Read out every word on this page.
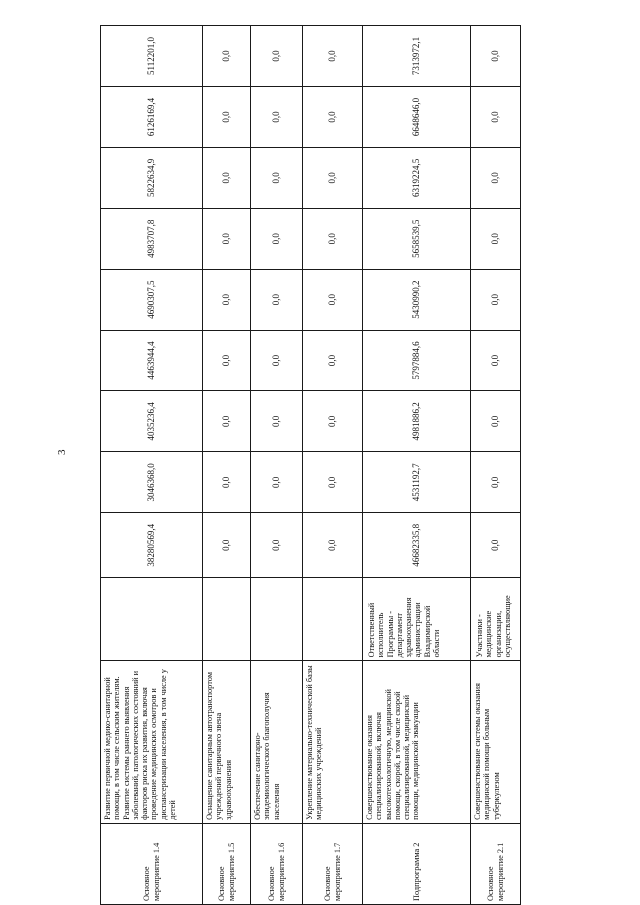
3
Основное мероприятие 1.4	Развитие первичной медико-санитарной помощи, в том числе сельским жителям. Развитие системы раннего выявления заболеваний, патологических состояний и факторов риска их развития, включая проведение медицинских осмотров и диспансеризации населения, в том числе у детей		38280569,4	3046368,0	4035236,4	4463944,4	4690307,5	4983707,8	5822634,9	6126169,4	5112201,0
Основное мероприятие 1.5	Оснащение санитарным автотранспортом учреждений первичного звена здравоохранения		0,0	0,0	0,0	0,0	0,0	0,0	0,0	0,0	0,0
Основное мероприятие 1.6	Обеспечение санитарно-эпидемиологического благополучия населения		0,0	0,0	0,0	0,0	0,0	0,0	0,0	0,0	0,0
Основное мероприятие 1.7	Укрепление материально-технической базы медицинских учреждений		0,0	0,0	0,0	0,0	0,0	0,0	0,0	0,0	0,0
Подпрограмма 2	Совершенствование оказания специализированной, включая высокотехнологичную, медицинской помощи, скорой, в том числе скорой специализированной, медицинской помощи, медицинской эвакуации	Ответственный исполнитель Программы - департамент здравоохранения администрации Владимирской области	46682335,8	4531192,7	4981886,2	5797884,6	5430990,2	5658539,5	6319224,5	6648646,0	7313972,1
Основное мероприятие 2.1	Совершенствование системы оказания медицинской помощи больным туберкулезом	Участники - медицинские организации, осуществляющие	0,0	0,0	0,0	0,0	0,0	0,0	0,0	0,0	0,0
